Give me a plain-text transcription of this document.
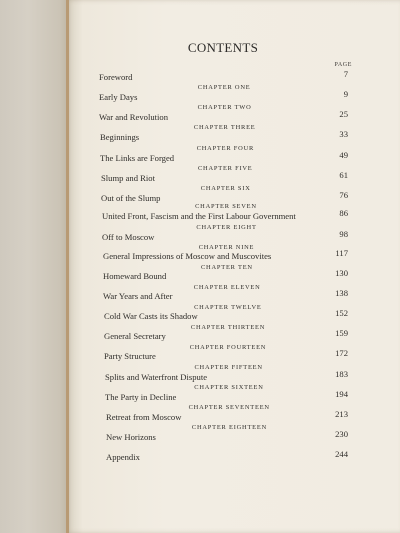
CONTENTS
PAGE
Foreword	7
CHAPTER ONE
Early Days	9
CHAPTER TWO
War and Revolution	25
CHAPTER THREE
Beginnings	33
CHAPTER FOUR
The Links are Forged	49
CHAPTER FIVE
Slump and Riot	61
CHAPTER SIX
Out of the Slump	76
CHAPTER SEVEN
United Front, Fascism and the First Labour Government	86
CHAPTER EIGHT
Off to Moscow	98
CHAPTER NINE
General Impressions of Moscow and Muscovites	117
CHAPTER TEN
Homeward Bound	130
CHAPTER ELEVEN
War Years and After	138
CHAPTER TWELVE
Cold War Casts its Shadow	152
CHAPTER THIRTEEN
General Secretary	159
CHAPTER FOURTEEN
Party Structure	172
CHAPTER FIFTEEN
Splits and Waterfront Dispute	183
CHAPTER SIXTEEN
The Party in Decline	194
CHAPTER SEVENTEEN
Retreat from Moscow	213
CHAPTER EIGHTEEN
New Horizons	230
Appendix	244
